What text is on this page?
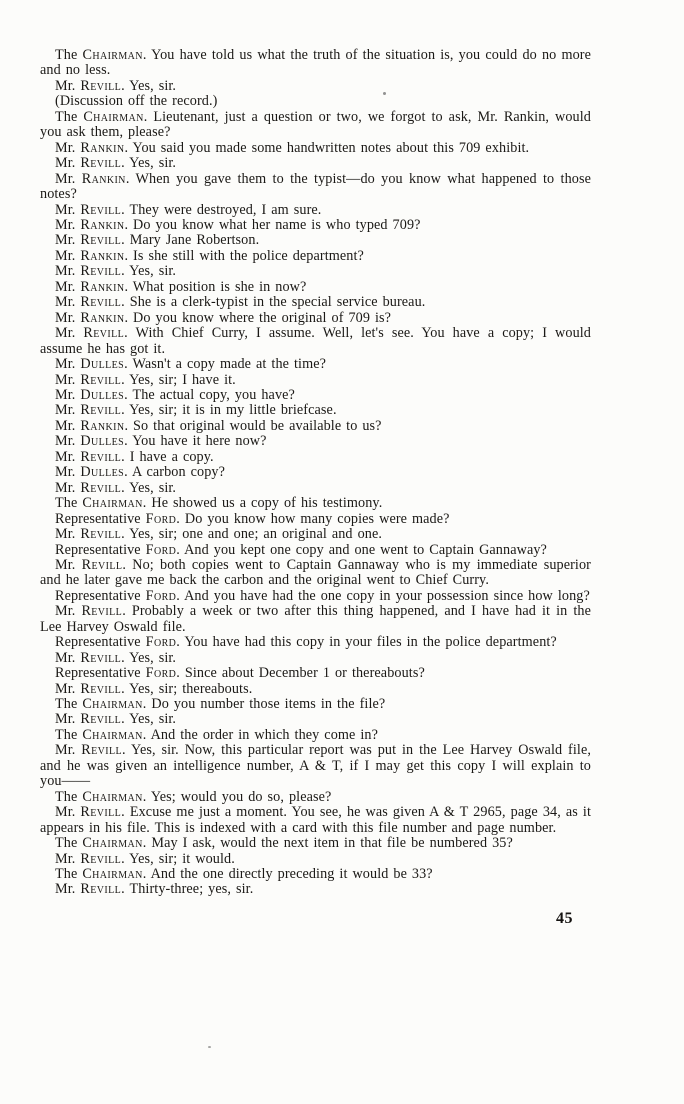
The Chairman. You have told us what the truth of the situation is, you could do no more and no less.

Mr. Revill. Yes, sir.

(Discussion off the record.)

The Chairman. Lieutenant, just a question or two, we forgot to ask, Mr. Rankin, would you ask them, please?

Mr. Rankin. You said you made some handwritten notes about this 709 exhibit.

Mr. Revill. Yes, sir.

Mr. Rankin. When you gave them to the typist—do you know what happened to those notes?

Mr. Revill. They were destroyed, I am sure.

Mr. Rankin. Do you know what her name is who typed 709?

Mr. Revill. Mary Jane Robertson.

Mr. Rankin. Is she still with the police department?

Mr. Revill. Yes, sir.

Mr. Rankin. What position is she in now?

Mr. Revill. She is a clerk-typist in the special service bureau.

Mr. Rankin. Do you know where the original of 709 is?

Mr. Revill. With Chief Curry, I assume. Well, let's see. You have a copy; I would assume he has got it.

Mr. Dulles. Wasn't a copy made at the time?

Mr. Revill. Yes, sir; I have it.

Mr. Dulles. The actual copy, you have?

Mr. Revill. Yes, sir; it is in my little briefcase.

Mr. Rankin. So that original would be available to us?

Mr. Dulles. You have it here now?

Mr. Revill. I have a copy.

Mr. Dulles. A carbon copy?

Mr. Revill. Yes, sir.

The Chairman. He showed us a copy of his testimony.

Representative Ford. Do you know how many copies were made?

Mr. Revill. Yes, sir; one and one; an original and one.

Representative Ford. And you kept one copy and one went to Captain Gannaway?

Mr. Revill. No; both copies went to Captain Gannaway who is my immediate superior and he later gave me back the carbon and the original went to Chief Curry.

Representative Ford. And you have had the one copy in your possession since how long?

Mr. Revill. Probably a week or two after this thing happened, and I have had it in the Lee Harvey Oswald file.

Representative Ford. You have had this copy in your files in the police department?

Mr. Revill. Yes, sir.

Representative Ford. Since about December 1 or thereabouts?

Mr. Revill. Yes, sir; thereabouts.

The Chairman. Do you number those items in the file?

Mr. Revill. Yes, sir.

The Chairman. And the order in which they come in?

Mr. Revill. Yes, sir. Now, this particular report was put in the Lee Harvey Oswald file, and he was given an intelligence number, A & T, if I may get this copy I will explain to you——

The Chairman. Yes; would you do so, please?

Mr. Revill. Excuse me just a moment. You see, he was given A & T 2965, page 34, as it appears in his file. This is indexed with a card with this file number and page number.

The Chairman. May I ask, would the next item in that file be numbered 35?

Mr. Revill. Yes, sir; it would.

The Chairman. And the one directly preceding it would be 33?

Mr. Revill. Thirty-three; yes, sir.

45
